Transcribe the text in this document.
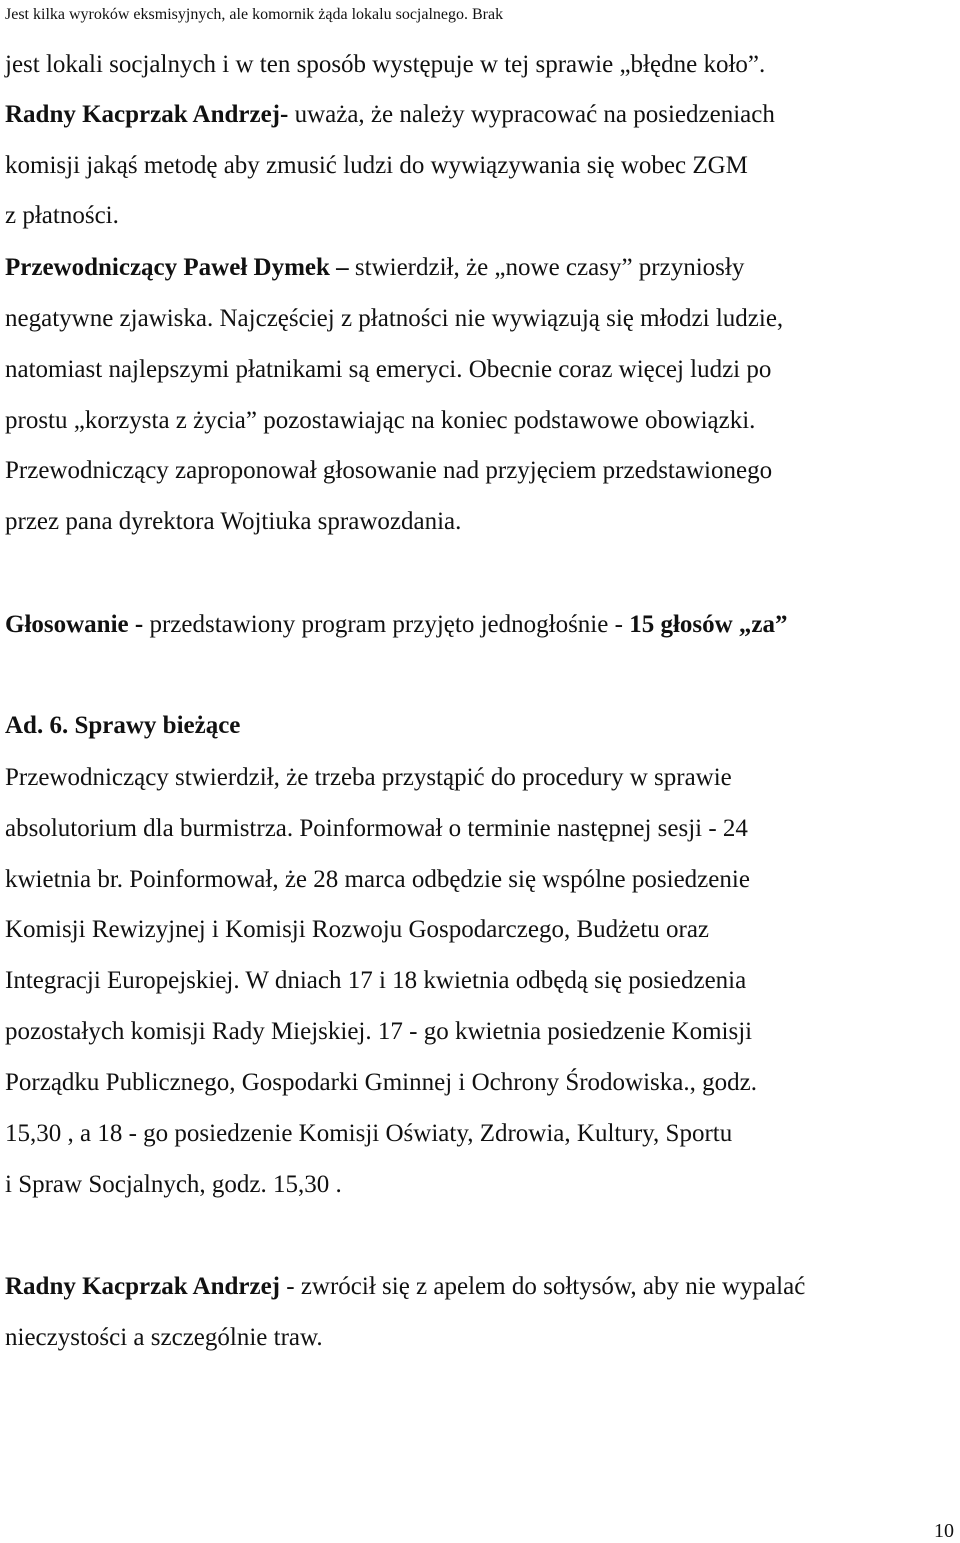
Jest kilka wyroków eksmisyjnych, ale komornik żąda lokalu socjalnego. Brak
jest lokali socjalnych i w ten sposób występuje w tej sprawie „błędne koło”.
Radny Kacprzak Andrzej- uważa, że należy wypracować na posiedzeniach
komisji jakąś metodę aby zmusić ludzi do wywiązywania się wobec ZGM
z płatności.
Przewodniczący Paweł Dymek – stwierdził, że „nowe czasy” przyniosły
negatywne zjawiska. Najczęściej z płatności nie wywiązują się młodzi ludzie,
natomiast najlepszymi płatnikami są emeryci. Obecnie coraz więcej ludzi po
prostu „korzysta z życia” pozostawiając na koniec podstawowe obowiązki.
Przewodniczący zaproponował głosowanie nad przyjęciem przedstawionego
przez pana dyrektora Wojtiuka sprawozdania.
Głosowanie - przedstawiony program przyjęto jednogłośnie - 15 głosów „za”
Ad. 6. Sprawy bieżące
Przewodniczący stwierdził, że trzeba przystąpić do procedury w sprawie
absolutorium dla burmistrza. Poinformował o terminie następnej sesji - 24
kwietnia br. Poinformował, że 28 marca odbędzie się wspólne posiedzenie
Komisji Rewizyjnej i Komisji Rozwoju Gospodarczego, Budżetu oraz
Integracji Europejskiej. W dniach 17 i 18 kwietnia odbędą się posiedzenia
pozostałych komisji Rady Miejskiej. 17 - go kwietnia posiedzenie Komisji
Porządku Publicznego, Gospodarki Gminnej i Ochrony Środowiska., godz.
15,30 , a 18 - go posiedzenie Komisji Oświaty, Zdrowia, Kultury, Sportu
i Spraw Socjalnych, godz. 15,30 .
Radny Kacprzak Andrzej - zwrócił się z apelem do sołtysów, aby nie wypalać
nieczystości a szczególnie traw.
10
